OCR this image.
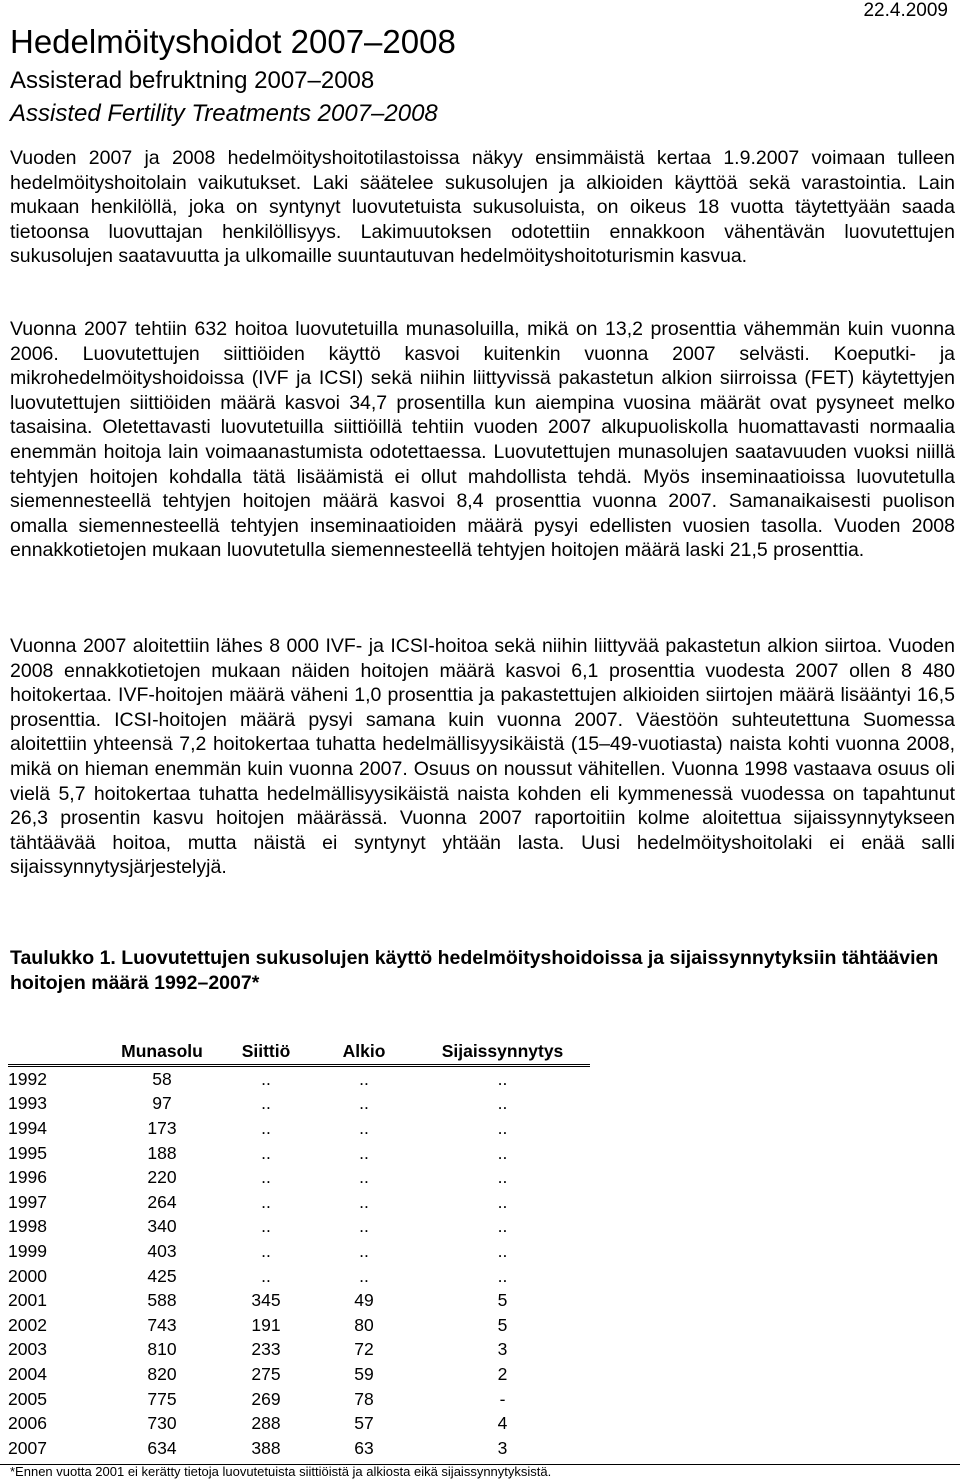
22.4.2009
Hedelmöityshoidot 2007–2008
Assisterad befruktning 2007–2008
Assisted Fertility Treatments 2007–2008

Vuoden 2007 ja 2008 hedelmöityshoitotilastoissa näkyy ensimmäistä kertaa 1.9.2007 voimaan tulleen hedelmöityshoitolain vaikutukset. Laki säätelee sukusolujen ja alkioiden käyttöä sekä varastointia. Lain mukaan henkilöllä, joka on syntynyt luovutetuista sukusoluista, on oikeus 18 vuotta täytettyään saada tietoonsa luovuttajan henkilöllisyys. Lakimuutoksen odotettiin ennakkoon vähentävän luovutettujen sukusolujen saatavuutta ja ulkomaille suuntautuvan hedelmöityshoitoturismin kasvua.

Vuonna 2007 tehtiin 632 hoitoa luovutetuilla munasoluilla, mikä on 13,2 prosenttia vähemmän kuin vuonna 2006. Luovutettujen siittiöiden käyttö kasvoi kuitenkin vuonna 2007 selvästi. Koeputki- ja mikrohedelmöityshoidoissa (IVF ja ICSI) sekä niihin liittyvissä pakastetun alkion siirroissa (FET) käytettyjen luovutettujen siittiöiden määrä kasvoi 34,7 prosentilla kun aiempina vuosina määrät ovat pysyneet melko tasaisina. Oletettavasti luovutetuilla siittiöillä tehtiin vuoden 2007 alkupuoliskolla huomattavasti normaalia enemmän hoitoja lain voimaanastumista odotettaessa. Luovutettujen munasolujen saatavuuden vuoksi niillä tehtyjen hoitojen kohdalla tätä lisäämistä ei ollut mahdollista tehdä. Myös inseminaatioissa luovutetulla siemennesteellä tehtyjen hoitojen määrä kasvoi 8,4 prosenttia vuonna 2007. Samanaikaisesti puolison omalla siemennesteellä tehtyjen inseminaatioiden määrä pysyi edellisten vuosien tasolla. Vuoden 2008 ennakkotietojen mukaan luovutetulla siemennesteellä tehtyjen hoitojen määrä laski 21,5 prosenttia.

Vuonna 2007 aloitettiin lähes 8 000 IVF- ja ICSI-hoitoa sekä niihin liittyvää pakastetun alkion siirtoa. Vuoden 2008 ennakkotietojen mukaan näiden hoitojen määrä kasvoi 6,1 prosenttia vuodesta 2007 ollen 8 480 hoitokertaa. IVF-hoitojen määrä väheni 1,0 prosenttia ja pakastettujen alkioiden siirtojen määrä lisääntyi 16,5 prosenttia. ICSI-hoitojen määrä pysyi samana kuin vuonna 2007. Väestöön suhteutettuna Suomessa aloitettiin yhteensä 7,2 hoitokertaa tuhatta hedelmällisyysikäistä (15–49-vuotiasta) naista kohti vuonna 2008, mikä on hieman enemmän kuin vuonna 2007. Osuus on noussut vähitellen. Vuonna 1998 vastaava osuus oli vielä 5,7 hoitokertaa tuhatta hedelmällisyysikäistä naista kohden eli kymmenessä vuodessa on tapahtunut 26,3 prosentin kasvu hoitojen määrässä. Vuonna 2007 raportoitiin kolme aloitettua sijaissynnytykseen tähtäävää hoitoa, mutta näistä ei syntynyt yhtään lasta. Uusi hedelmöityshoitolaki ei enää salli sijaissynnytysjärjestelyjä.

Taulukko 1. Luovutettujen sukusolujen käyttö hedelmöityshoidoissa ja sijaissynnytyksiin tähtäävien hoitojen määrä 1992–2007*

	Munasolu	Siittiö	Alkio	Sijaissynnytys
1992	58	..	..	..
1993	97	..	..	..
1994	173	..	..	..
1995	188	..	..	..
1996	220	..	..	..
1997	264	..	..	..
1998	340	..	..	..
1999	403	..	..	..
2000	425	..	..	..
2001	588	345	49	5
2002	743	191	80	5
2003	810	233	72	3
2004	820	275	59	2
2005	775	269	78	-
2006	730	288	57	4
2007	634	388	63	3
*Ennen vuotta 2001 ei kerätty tietoja luovutetuista siittiöistä ja alkiosta eikä sijaissynnytyksistä.
